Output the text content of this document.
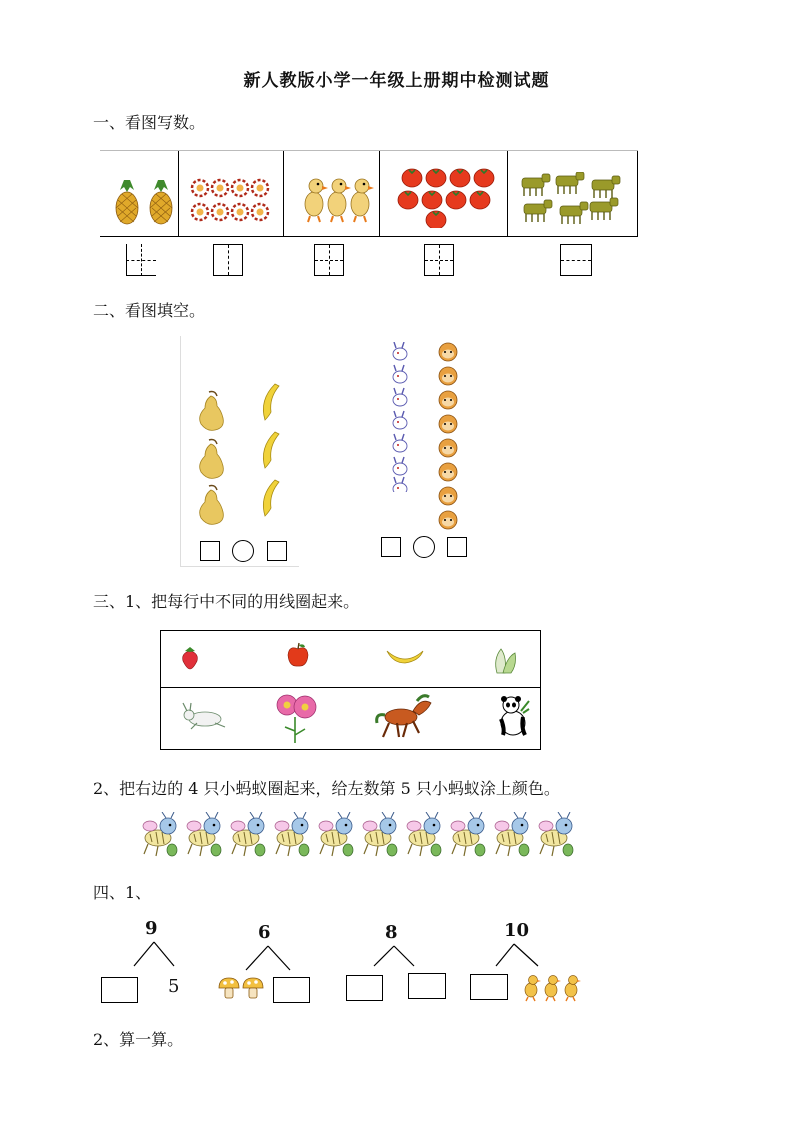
新人教版小学一年级上册期中检测试题
一、看图写数。
二、看图填空。
三、1、把每行中不同的用线圈起来。
2、把右边的 4 只小蚂蚁圈起来，给左数第 5 只小蚂蚁涂上颜色。
四、1、
9
5
6	8	10
2、算一算。
